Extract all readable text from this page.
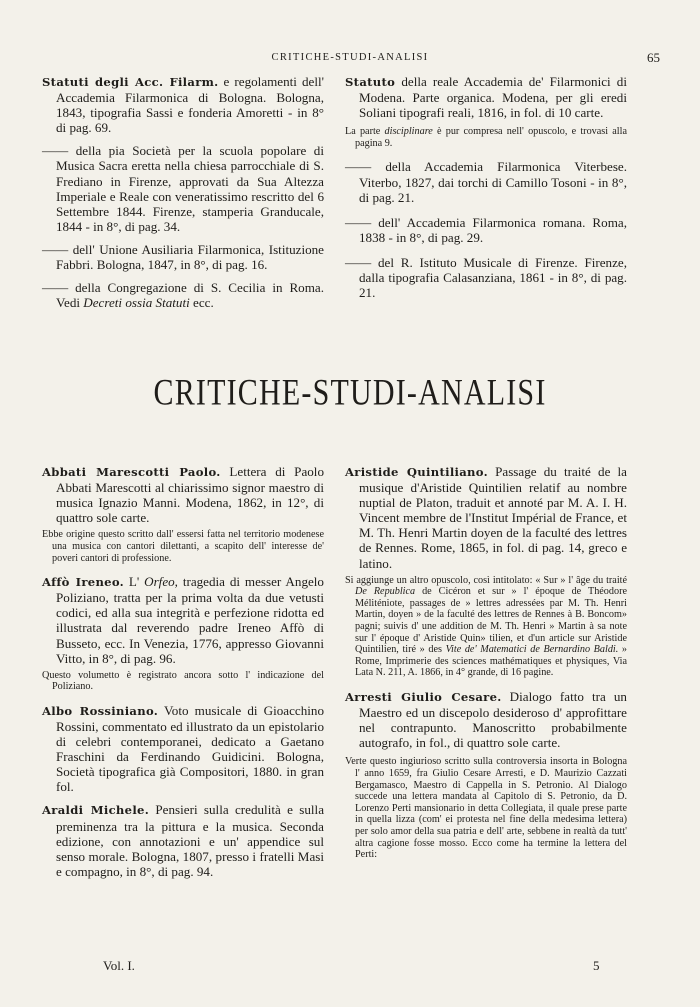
CRITICHE-STUDI-ANALISI	65
Statuti degli Acc. Filarm. e regolamenti dell' Accademia Filarmonica di Bologna. Bologna, 1843, tipografia Sassi e fonderia Amoretti - in 8° di pag. 69.
—— della pia Società per la scuola popolare di Musica Sacra eretta nella chiesa parrocchiale di S. Frediano in Firenze, approvati da Sua Altezza Imperiale e Reale con veneratissimo rescritto del 6 Settembre 1844. Firenze, stamperia Granducale, 1844 - in 8°, di pag. 34.
—— dell' Unione Ausiliaria Filarmonica, Istituzione Fabbri. Bologna, 1847, in 8°, di pag. 16.
—— della Congregazione di S. Cecilia in Roma. Vedi Decreti ossia Statuti ecc.
Statuto della reale Accademia de' Filarmonici di Modena. Parte organica. Modena, per gli eredi Soliani tipografi reali, 1816, in fol. di 10 carte.
La parte disciplinare è pur compresa nell' opuscolo, e trovasi alla pagina 9.
—— della Accademia Filarmonica Viterbese. Viterbo, 1827, dai torchi di Camillo Tosoni - in 8°, di pag. 21.
—— dell' Accademia Filarmonica romana. Roma, 1838 - in 8°, di pag. 29.
—— del R. Istituto Musicale di Firenze. Firenze, dalla tipografia Calasanziana, 1861 - in 8°, di pag. 21.
CRITICHE-STUDI-ANALISI
Abbati Marescotti Paolo. Lettera di Paolo Abbati Marescotti al chiarissimo signor maestro di musica Ignazio Manni. Modena, 1862, in 12°, di quattro sole carte.
Ebbe origine questo scritto dall' essersi fatta nel territorio modenese una musica con cantori dilettanti, a scapito dell' interesse de' poveri cantori di professione.
Affò Ireneo. L' Orfeo, tragedia di messer Angelo Poliziano, tratta per la prima volta da due vetusti codici, ed alla sua integrità e perfezione ridotta ed illustrata dal reverendo padre Ireneo Affò di Busseto, ecc. In Venezia, 1776, appresso Giovanni Vitto, in 8°, di pag. 96.
Questo volumetto è registrato ancora sotto l' indicazione del Poliziano.
Albo Rossiniano. Voto musicale di Gioacchino Rossini, commentato ed illustrato da un epistolario di celebri contemporanei, dedicato a Gaetano Fraschini da Ferdinando Guidicini. Bologna, Società tipografica già Compositori, 1880. in gran fol.
Araldi Michele. Pensieri sulla credulità e sulla preminenza tra la pittura e la musica. Seconda edizione, con annotazioni e un' appendice sul senso morale. Bologna, 1807, presso i fratelli Masi e compagno, in 8°, di pag. 94.
Aristide Quintiliano. Passage du traité de la musique d'Aristide Quintilien relatif au nombre nuptial de Platon, traduit et annoté par M. A. I. H. Vincent membre de l'Institut Impérial de France, et M. Th. Henri Martin doyen de la faculté des lettres de Rennes. Rome, 1865, in fol. di pag. 14, greco e latino.
Si aggiunge un altro opuscolo, così intitolato: « Sur » l' âge du traité De Republica de Cicéron et sur » l' époque de Théodore Méliténiote, passages de » lettres adressées par M. Th. Henri Martin, doyen » de la faculté des lettres de Rennes à B. Boncom» pagni; suivis d' une addition de M. Th. Henri » Martin à sa note sur l' époque d' Aristide Quin» tilien, et d'un article sur Aristide Quintilien, tiré » des Vite de' Matematici de Bernardino Baldi. » Rome, Imprimerie des sciences mathématiques et physiques, Via Lata N. 211, A. 1866, in 4° grande, di 16 pagine.
Arresti Giulio Cesare. Dialogo fatto tra un Maestro ed un discepolo desideroso d' approfittare nel contrapunto. Manoscritto probabilmente autografo, in fol., di quattro sole carte.
Verte questo ingiurioso scritto sulla controversia insorta in Bologna l' anno 1659, fra Giulio Cesare Arresti, e D. Maurizio Cazzati Bergamasco, Maestro di Cappella in S. Petronio. Al Dialogo succede una lettera mandata al Capitolo di S. Petronio, da D. Lorenzo Perti mansionario in detta Collegiata, il quale prese parte in quella lizza (com' ei protesta nel fine della medesima lettera) per solo amor della sua patria e dell' arte, sebbene in realtà da tutt' altra cagione fosse mosso. Ecco come ha termine la lettera del Perti:
Vol. I.	5
